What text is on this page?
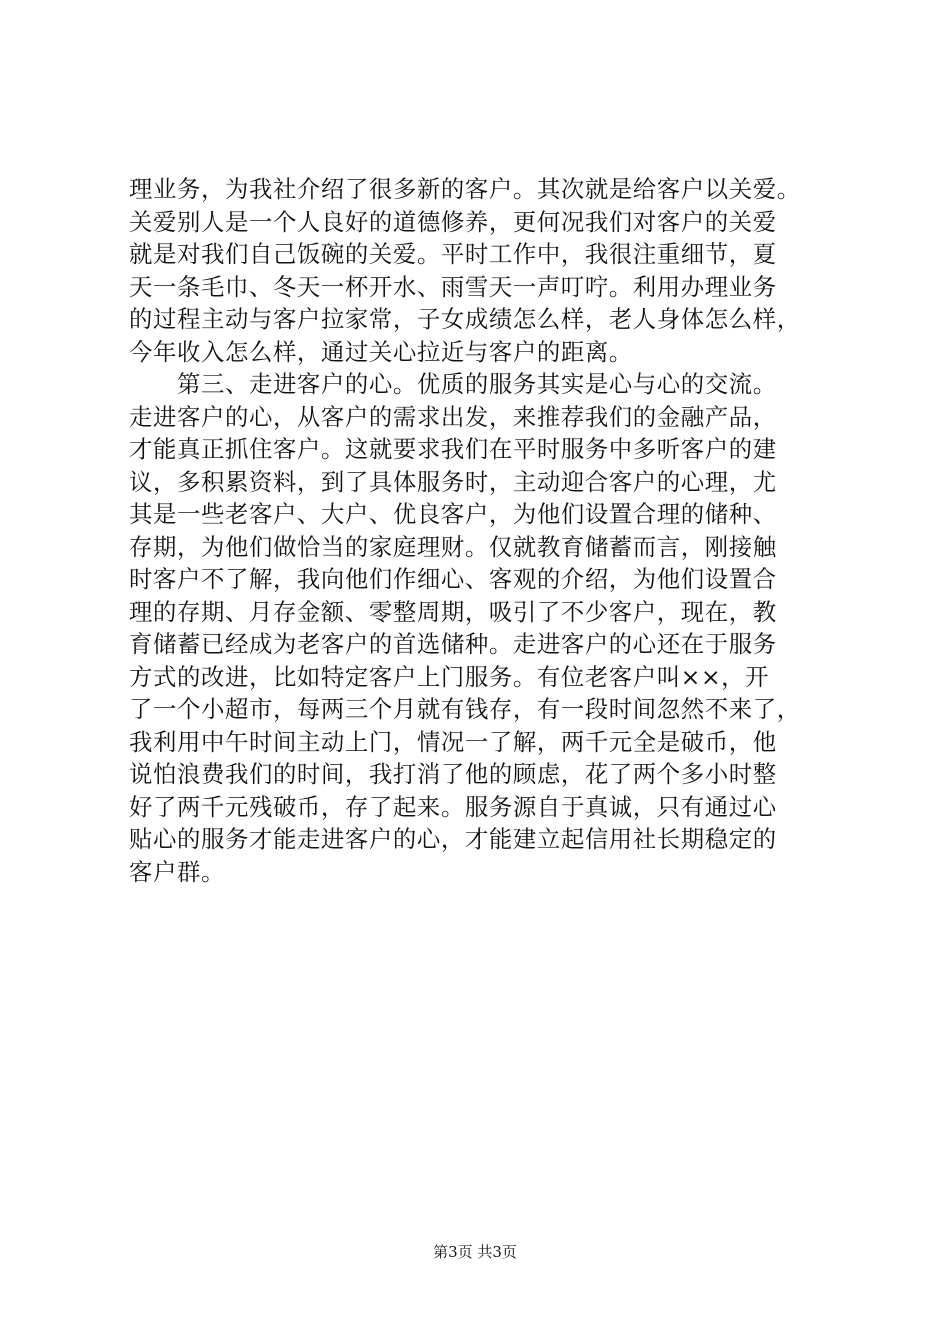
理业务，为我社介绍了很多新的客户。其次就是给客户以关爱。
关爱别人是一个人良好的道德修养，更何况我们对客户的关爱
就是对我们自己饭碗的关爱。平时工作中，我很注重细节，夏
天一条毛巾、冬天一杯开水、雨雪天一声叮咛。利用办理业务
的过程主动与客户拉家常，子女成绩怎么样，老人身体怎么样，
今年收入怎么样，通过关心拉近与客户的距离。
　　第三、走进客户的心。优质的服务其实是心与心的交流。
走进客户的心，从客户的需求出发，来推荐我们的金融产品，
才能真正抓住客户。这就要求我们在平时服务中多听客户的建
议，多积累资料，到了具体服务时，主动迎合客户的心理，尤
其是一些老客户、大户、优良客户，为他们设置合理的储种、
存期，为他们做恰当的家庭理财。仅就教育储蓄而言，刚接触
时客户不了解，我向他们作细心、客观的介绍，为他们设置合
理的存期、月存金额、零整周期，吸引了不少客户，现在，教
育储蓄已经成为老客户的首选储种。走进客户的心还在于服务
方式的改进，比如特定客户上门服务。有位老客户叫××，开
了一个小超市，每两三个月就有钱存，有一段时间忽然不来了，
我利用中午时间主动上门，情况一了解，两千元全是破币，他
说怕浪费我们的时间，我打消了他的顾虑，花了两个多小时整
好了两千元残破币，存了起来。服务源自于真诚，只有通过心
贴心的服务才能走进客户的心，才能建立起信用社长期稳定的
客户群。
第3页 共3页
